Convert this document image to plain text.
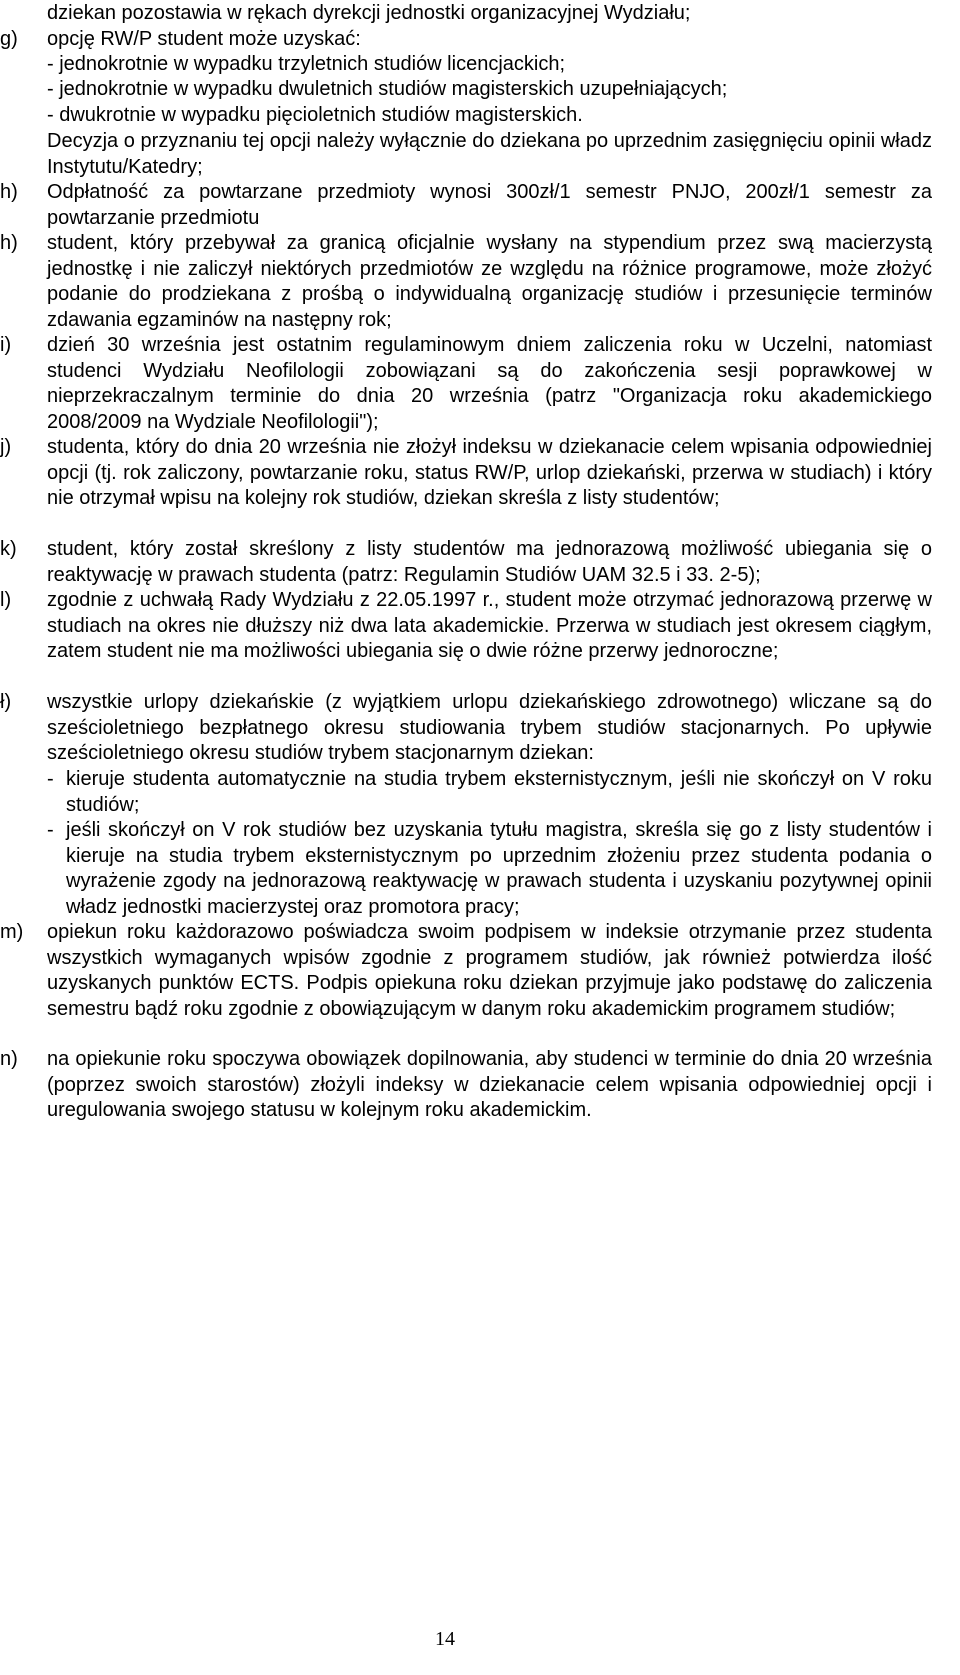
dziekan pozostawia w rękach dyrekcji jednostki organizacyjnej Wydziału;

g) opcję RW/P student może uzyskać:

- jednokrotnie w wypadku trzyletnich studiów licencjackich;

- jednokrotnie w wypadku dwuletnich studiów magisterskich uzupełniających;

- dwukrotnie w wypadku pięcioletnich studiów magisterskich.

Decyzja o przyznaniu tej opcji należy wyłącznie do dziekana po uprzednim zasięgnięciu opinii władz Instytutu/Katedry;

h) Odpłatność za powtarzane przedmioty wynosi 300zł/1 semestr PNJO, 200zł/1 semestr za powtarzanie przedmiotu
h) student, który przebywał za granicą oficjalnie wysłany na stypendium przez swą macierzystą jednostkę i nie zaliczył niektórych przedmiotów ze względu na różnice programowe, może złożyć podanie do prodziekana z prośbą o indywidualną organizację studiów i przesunięcie terminów zdawania egzaminów na następny rok;
i) dzień 30 września jest ostatnim regulaminowym dniem zaliczenia roku w Uczelni, natomiast studenci Wydziału Neofilologii zobowiązani są do zakończenia sesji poprawkowej w nieprzekraczalnym terminie do dnia 20 września (patrz "Organizacja roku akademickiego 2008/2009 na Wydziale Neofilologii");
j) studenta, który do dnia 20 września nie złożył indeksu w dziekanacie celem wpisania odpowiedniej opcji (tj. rok zaliczony, powtarzanie roku, status RW/P, urlop dziekański, przerwa w studiach) i który nie otrzymał wpisu na kolejny rok studiów, dziekan skreśla z listy studentów;
k) student, który został skreślony z listy studentów ma jednorazową możliwość ubiegania się o reaktywację w prawach studenta (patrz: Regulamin Studiów UAM 32.5 i 33. 2-5);
l) zgodnie z uchwałą Rady Wydziału z 22.05.1997 r., student może otrzymać jednorazową przerwę w studiach na okres nie dłuższy niż dwa lata akademickie. Przerwa w studiach jest okresem ciągłym, zatem student nie ma możliwości ubiegania się o dwie różne przerwy jednoroczne;
ł) wszystkie urlopy dziekańskie (z wyjątkiem urlopu dziekańskiego zdrowotnego) wliczane są do sześcioletniego bezpłatnego okresu studiowania trybem studiów stacjonarnych. Po upływie sześcioletniego okresu studiów trybem stacjonarnym dziekan:
- kieruje studenta automatycznie na studia trybem eksternistycznym, jeśli nie skończył on V roku studiów;
- jeśli skończył on V rok studiów bez uzyskania tytułu magistra, skreśla się go z listy studentów i kieruje na studia trybem eksternistycznym po uprzednim złożeniu przez studenta podania o wyrażenie zgody na jednorazową reaktywację w prawach studenta i uzyskaniu pozytywnej opinii władz jednostki macierzystej oraz promotora pracy;
m) opiekun roku każdorazowo poświadcza swoim podpisem w indeksie otrzymanie przez studenta wszystkich wymaganych wpisów zgodnie z programem studiów, jak również potwierdza ilość uzyskanych punktów ECTS. Podpis opiekuna roku dziekan przyjmuje jako podstawę do zaliczenia semestru bądź roku zgodnie z obowiązującym w danym roku akademickim programem studiów;
n) na opiekunie roku spoczywa obowiązek dopilnowania, aby studenci w terminie do dnia 20 września (poprzez swoich starostów) złożyli indeksy w dziekanacie celem wpisania odpowiedniej opcji i uregulowania swojego statusu w kolejnym roku akademickim.
14
